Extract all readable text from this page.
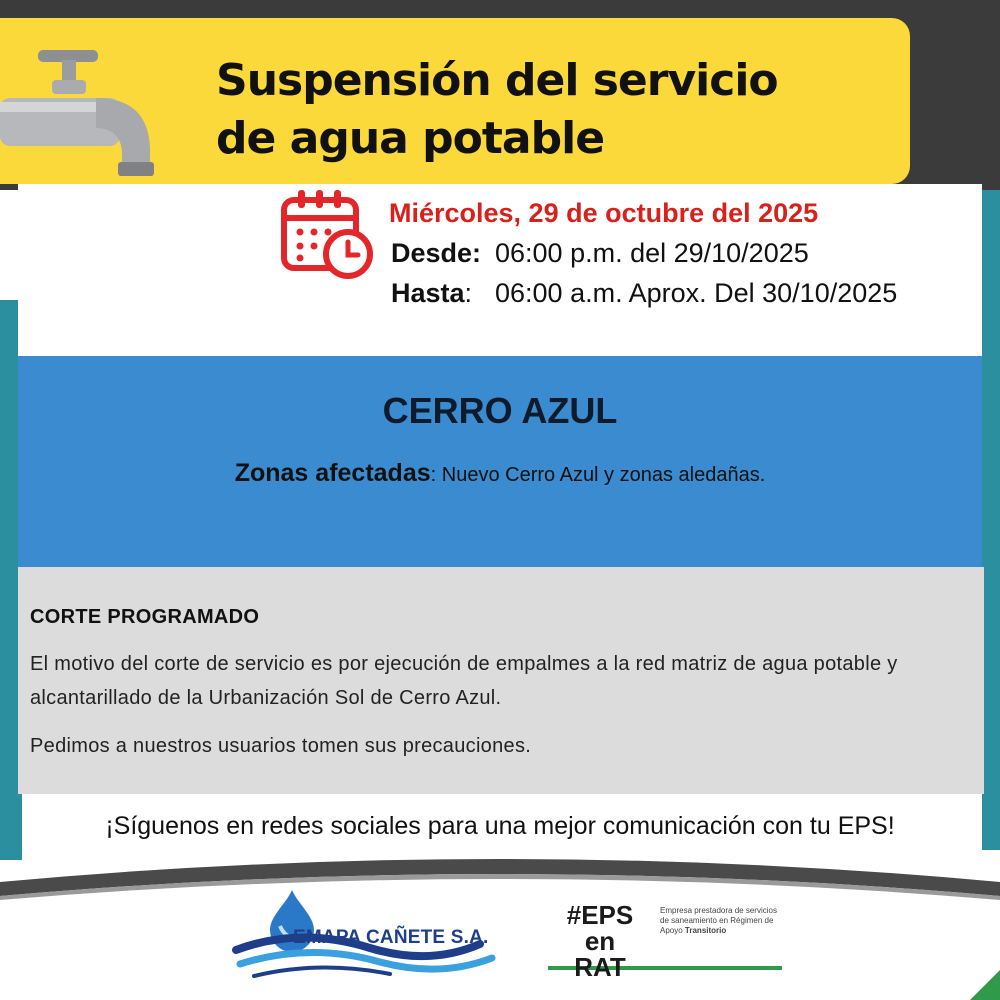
Suspensión del servicio
de agua potable
Miércoles, 29 de octubre del 2025
Desde: 06:00 p.m. del 29/10/2025
Hasta: 06:00 a.m. Aprox. Del 30/10/2025
CERRO AZUL
Zonas afectadas: Nuevo Cerro Azul y zonas aledañas.
CORTE PROGRAMADO
El motivo del corte de servicio es por ejecución de empalmes a la red matriz de agua potable y alcantarillado de la Urbanización Sol de Cerro Azul.
Pedimos a nuestros usuarios tomen sus precauciones.
¡Síguenos en redes sociales para una mejor comunicación con tu EPS!
EMAPA CAÑETE S.A.
#EPS en
RAT
Empresa prestadora de servicios de saneamiento en Régimen de Apoyo Transitorio
